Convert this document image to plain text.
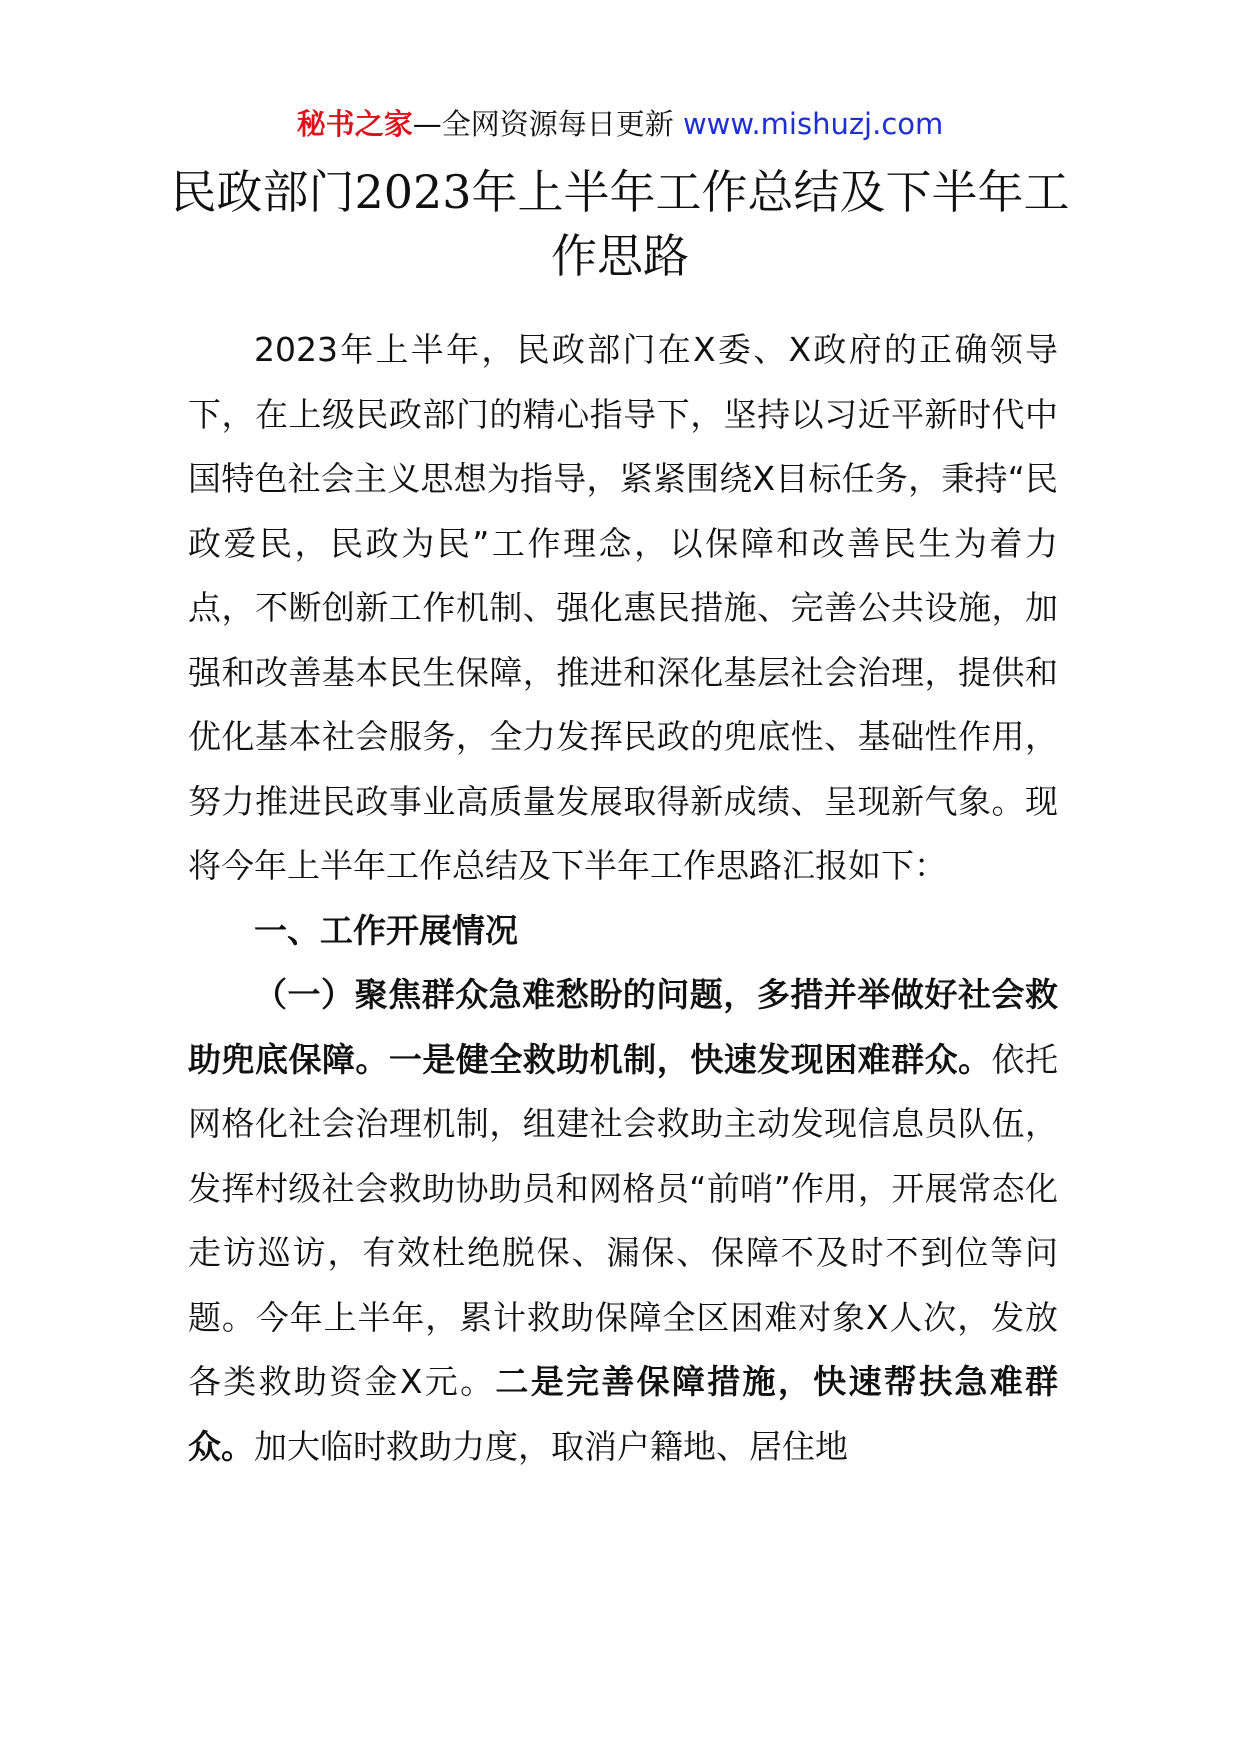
秘书之家—全网资源每日更新 www.mishuzj.com
民政部门2023年上半年工作总结及下半年工作思路

2023年上半年，民政部门在X委、X政府的正确领导下，在上级民政部门的精心指导下，坚持以习近平新时代中国特色社会主义思想为指导，紧紧围绕X目标任务，秉持“民政爱民，民政为民”工作理念，以保障和改善民生为着力点，不断创新工作机制、强化惠民措施、完善公共设施，加强和改善基本民生保障，推进和深化基层社会治理，提供和优化基本社会服务，全力发挥民政的兜底性、基础性作用，努力推进民政事业高质量发展取得新成绩、呈现新气象。现将今年上半年工作总结及下半年工作思路汇报如下：

一、工作开展情况

（一）聚焦群众急难愁盼的问题，多措并举做好社会救助兜底保障。一是健全救助机制，快速发现困难群众。依托网格化社会治理机制，组建社会救助主动发现信息员队伍，发挥村级社会救助协助员和网格员“前哨”作用，开展常态化走访巡访，有效杜绝脱保、漏保、保障不及时不到位等问题。今年上半年，累计救助保障全区困难对象X人次，发放各类救助资金X元。二是完善保障措施，快速帮扶急难群众。加大临时救助力度，取消户籍地、居住地
